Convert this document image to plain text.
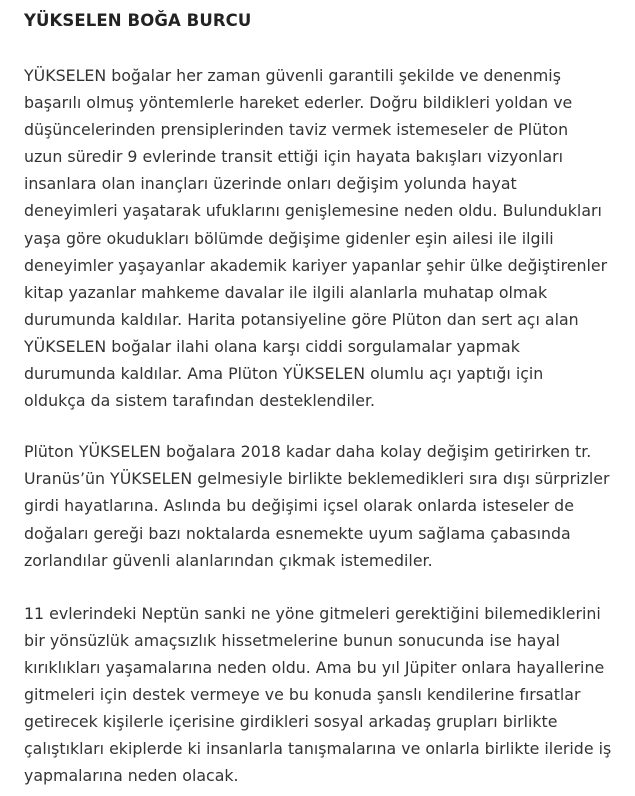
YÜKSELEN BOĞA BURCU

YÜKSELEN boğalar her zaman güvenli garantili şekilde ve denenmiş
başarılı olmuş yöntemlerle hareket ederler. Doğru bildikleri yoldan ve
düşüncelerinden prensiplerinden taviz vermek istemeseler de Plüton
uzun süredir 9 evlerinde transit ettiği için hayata bakışları vizyonları
insanlara olan inançları üzerinde onları değişim yolunda hayat
deneyimleri yaşatarak ufuklarını genişlemesine neden oldu. Bulundukları
yaşa göre okudukları bölümde değişime gidenler eşin ailesi ile ilgili
deneyimler yaşayanlar akademik kariyer yapanlar şehir ülke değiştirenler
kitap yazanlar mahkeme davalar ile ilgili alanlarla muhatap olmak
durumunda kaldılar. Harita potansiyeline göre Plüton dan sert açı alan
YÜKSELEN boğalar ilahi olana karşı ciddi sorgulamalar yapmak
durumunda kaldılar. Ama Plüton YÜKSELEN olumlu açı yaptığı için
oldukça da sistem tarafından desteklendiler.

Plüton YÜKSELEN boğalara 2018 kadar daha kolay değişim getirirken tr.
Uranüs’ün YÜKSELEN gelmesiyle birlikte beklemedikleri sıra dışı sürprizler
girdi hayatlarına. Aslında bu değişimi içsel olarak onlarda isteseler de
doğaları gereği bazı noktalarda esnemekte uyum sağlama çabasında
zorlandılar güvenli alanlarından çıkmak istemediler.

11 evlerindeki Neptün sanki ne yöne gitmeleri gerektiğini bilemediklerini
bir yönsüzlük amaçsızlık hissetmelerine bunun sonucunda ise hayal
kırıklıkları yaşamalarına neden oldu. Ama bu yıl Jüpiter onlara hayallerine
gitmeleri için destek vermeye ve bu konuda şanslı kendilerine fırsatlar
getirecek kişilerle içerisine girdikleri sosyal arkadaş grupları birlikte
çalıştıkları ekiplerde ki insanlarla tanışmalarına ve onlarla birlikte ileride iş
yapmalarına neden olacak.
